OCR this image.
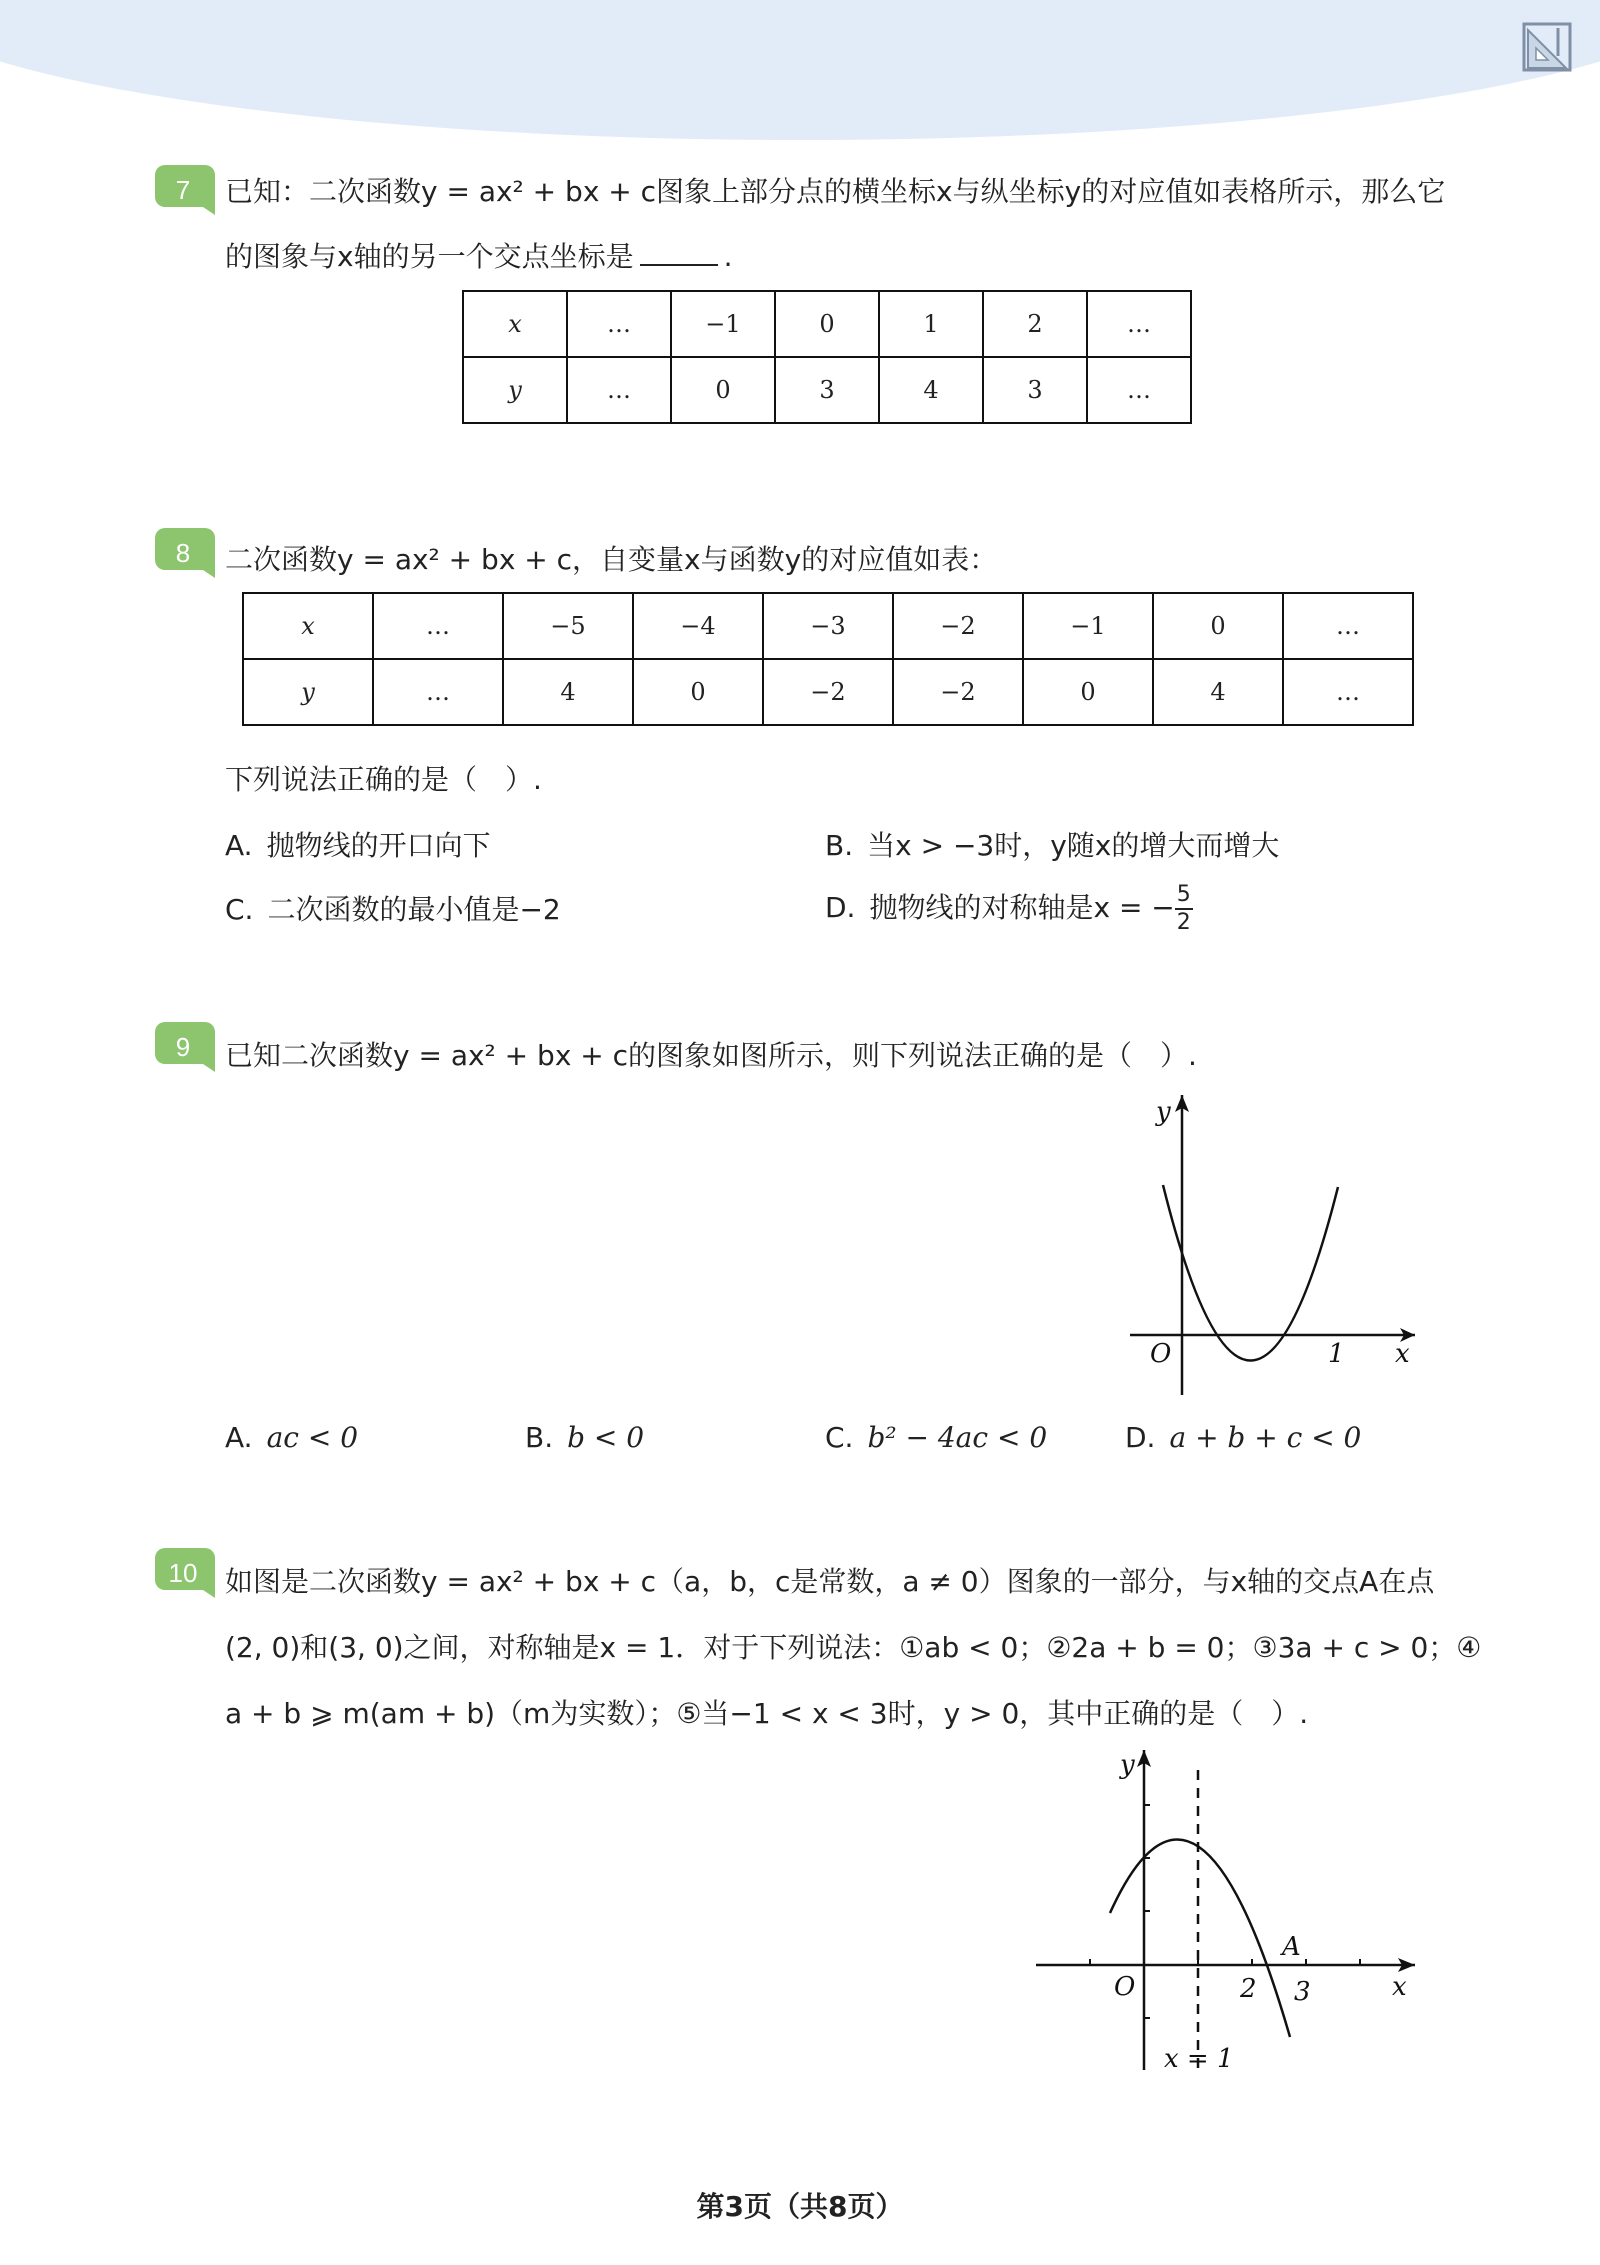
7	已知：二次函数y = ax² + bx + c图象上部分点的横坐标x与纵坐标y的对应值如表格所示，那么它
的图象与x轴的另一个交点坐标是	.
x	…	−1	0	1	2	…
y	…	0	3	4	3	…
8	二次函数y = ax² + bx + c，自变量x与函数y的对应值如表：
x	…	−5	−4	−3	−2	−1	0	…
y	…	4	0	−2	−2	0	4	…
下列说法正确的是（　）.
A. 抛物线的开口向下	B. 当x > −3时，y随x的增大而增大
C. 二次函数的最小值是−2	D. 抛物线的对称轴是x = − $\frac{5}{2}$
9	已知二次函数y = ax² + bx + c的图象如图所示，则下列说法正确的是（　）.
y
O	1 x
A. ac < 0	B. b < 0	C. b² − 4ac < 0	D. a + b + c < 0
10 如图是二次函数y = ax² + bx + c（a，b，c是常数，a ≠ 0）图象的一部分，与x轴的交点A在点
(2, 0)和(3, 0)之间，对称轴是x = 1．对于下列说法：①ab < 0；②2a + b = 0；③3a + c > 0；④
a + b ⩾ m(am + b)（m为实数）；⑤当−1 < x < 3时，y > 0，其中正确的是（　）.
y
O
A
2 3	x
x = 1
第3页（共8页）
